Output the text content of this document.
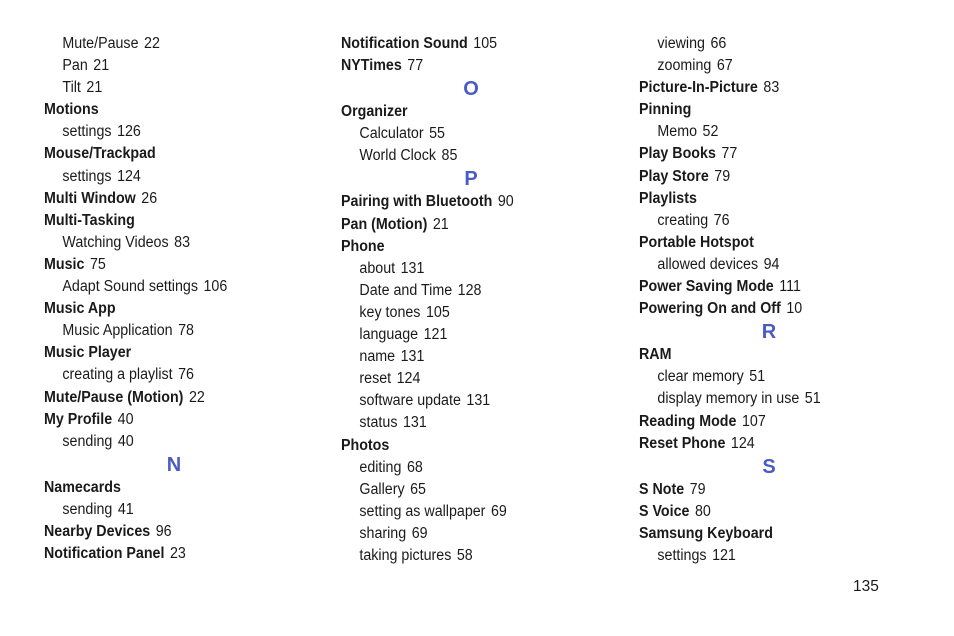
Mute/Pause 22
Pan 21
Tilt 21
Motions
settings 126
Mouse/Trackpad
settings 124
Multi Window 26
Multi-Tasking
Watching Videos 83
Music 75
Adapt Sound settings 106
Music App
Music Application 78
Music Player
creating a playlist 76
Mute/Pause (Motion) 22
My Profile 40
sending 40
N
Namecards
sending 41
Nearby Devices 96
Notification Panel 23
Notification Sound 105
NYTimes 77
O
Organizer
Calculator 55
World Clock 85
P
Pairing with Bluetooth 90
Pan (Motion) 21
Phone
about 131
Date and Time 128
key tones 105
language 121
name 131
reset 124
software update 131
status 131
Photos
editing 68
Gallery 65
setting as wallpaper 69
sharing 69
taking pictures 58
viewing 66
zooming 67
Picture-In-Picture 83
Pinning
Memo 52
Play Books 77
Play Store 79
Playlists
creating 76
Portable Hotspot
allowed devices 94
Power Saving Mode 111
Powering On and Off 10
R
RAM
clear memory 51
display memory in use 51
Reading Mode 107
Reset Phone 124
S
S Note 79
S Voice 80
Samsung Keyboard
settings 121
135
